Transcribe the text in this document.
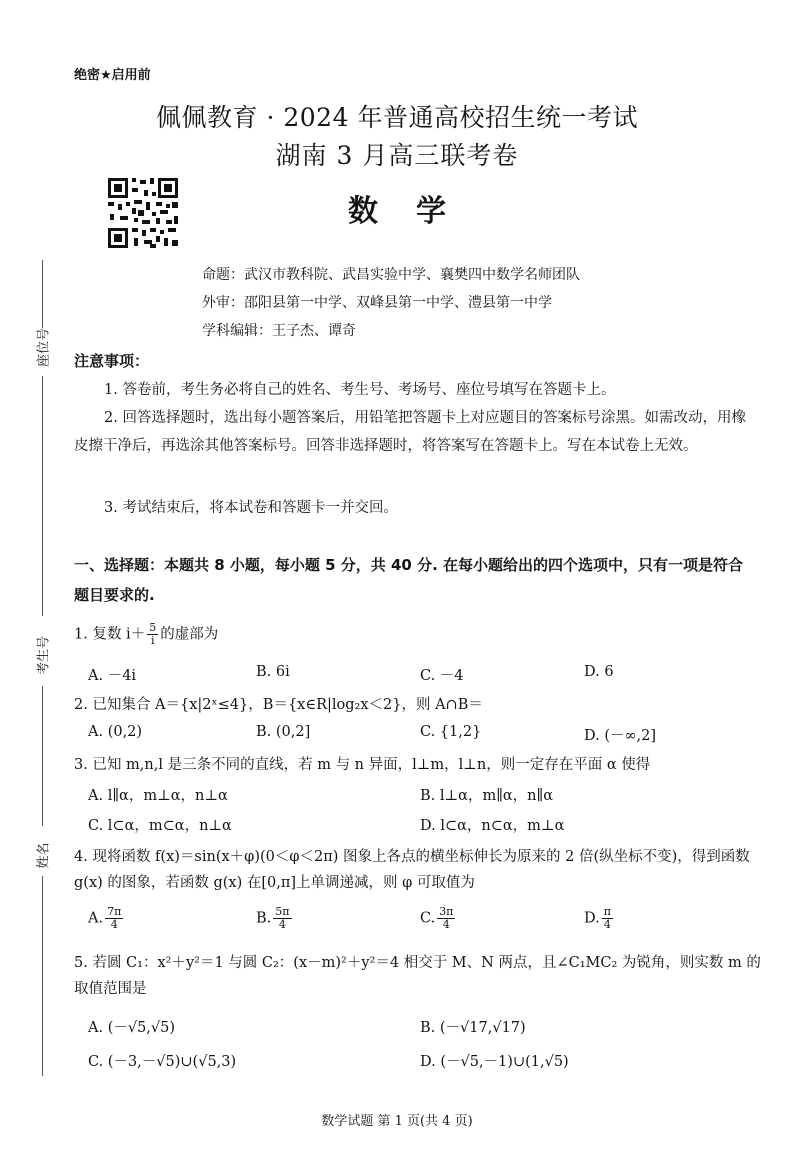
绝密★启用前
佩佩教育 · 2024 年普通高校招生统一考试
湖南 3 月高三联考卷
数学
命题：武汉市教科院、武昌实验中学、襄樊四中数学名师团队
外审：邵阳县第一中学、双峰县第一中学、澧县第一中学
学科编辑：王子杰、谭奇
座位号
考生号
姓名
注意事项：
1. 答卷前，考生务必将自己的姓名、考生号、考场号、座位号填写在答题卡上。
2. 回答选择题时，选出每小题答案后，用铅笔把答题卡上对应题目的答案标号涂黑。如需改动，用橡皮擦干净后，再选涂其他答案标号。回答非选择题时，将答案写在答题卡上。写在本试卷上无效。
3. 考试结束后，将本试卷和答题卡一并交回。
一、选择题：本题共 8 小题，每小题 5 分，共 40 分. 在每小题给出的四个选项中，只有一项是符合题目要求的.
1. 复数 $i+ \frac{5}{i}$ 的虚部为
A. －4i	B. 6i	C. －4	D. 6
2. 已知集合 A＝{x|2ˣ≤4}，B＝{x∈R|log₂x＜2}，则 A∩B＝
A. (0,2)	B. (0,2]	C. {1,2}	D. (－∞,2]
3. 已知 m,n,l 是三条不同的直线，若 m 与 n 异面，l⊥m，l⊥n，则一定存在平面 α 使得
A. l∥α，m⊥α，n⊥α	B. l⊥α，m∥α，n∥α
C. l⊂α，m⊂α，n⊥α	D. l⊂α，n⊂α，m⊥α
4. 现将函数 f(x)＝sin(x＋φ)(0＜φ＜2π) 图象上各点的横坐标伸长为原来的 2 倍(纵坐标不变)，得到函数 g(x) 的图象，若函数 g(x) 在[0,π]上单调递减，则 φ 可取值为
A. $\frac{7\pi}{4}$	B. $\frac{5\pi}{4}$	C. $\frac{3\pi}{4}$	D. $\frac{\pi}{4}$
5. 若圆 C₁：x²＋y²＝1 与圆 C₂：(x－m)²＋y²＝4 相交于 M、N 两点，且∠C₁MC₂ 为锐角，则实数 m 的取值范围是
A. (－√5,√5)	B. (－√17,√17)
C. (－3,－√5)∪(√5,3)	D. (－√5,－1)∪(1,√5)
数学试题 第 1 页(共 4 页)
